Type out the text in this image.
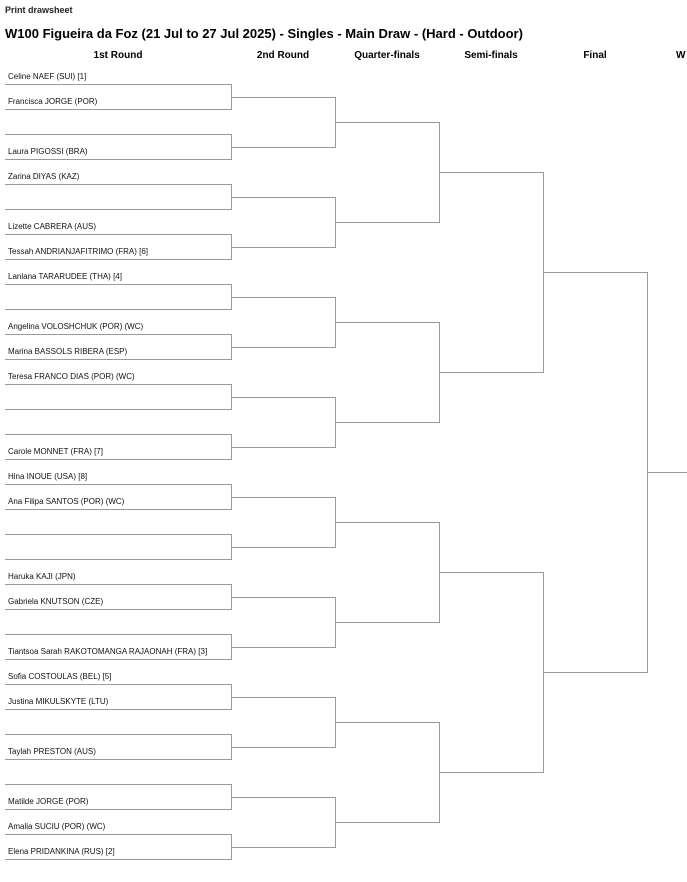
Print drawsheet
W100 Figueira da Foz (21 Jul to 27 Jul 2025) - Singles - Main Draw - (Hard - Outdoor)
1st Round	2nd Round	Quarter-finals	Semi-finals	Final	W
Celine NAEF (SUI) [1]
Francisca JORGE (POR)
Laura PIGOSSI (BRA)
Zarina DIYAS (KAZ)
Lizette CABRERA (AUS)
Tessah ANDRIANJAFITRIMO (FRA) [6]
Lanlana TARARUDEE (THA) [4]
Angelina VOLOSHCHUK (POR) (WC)
Marina BASSOLS RIBERA (ESP)
Teresa FRANCO DIAS (POR) (WC)
Carole MONNET (FRA) [7]
Hina INOUE (USA) [8]
Ana Filipa SANTOS (POR) (WC)
Haruka KAJI (JPN)
Gabriela KNUTSON (CZE)
Tiantsoa Sarah RAKOTOMANGA RAJAONAH (FRA) [3]
Sofia COSTOULAS (BEL) [5]
Justina MIKULSKYTE (LTU)
Taylah PRESTON (AUS)
Matilde JORGE (POR)
Amalia SUCIU (POR) (WC)
Elena PRIDANKINA (RUS) [2]
